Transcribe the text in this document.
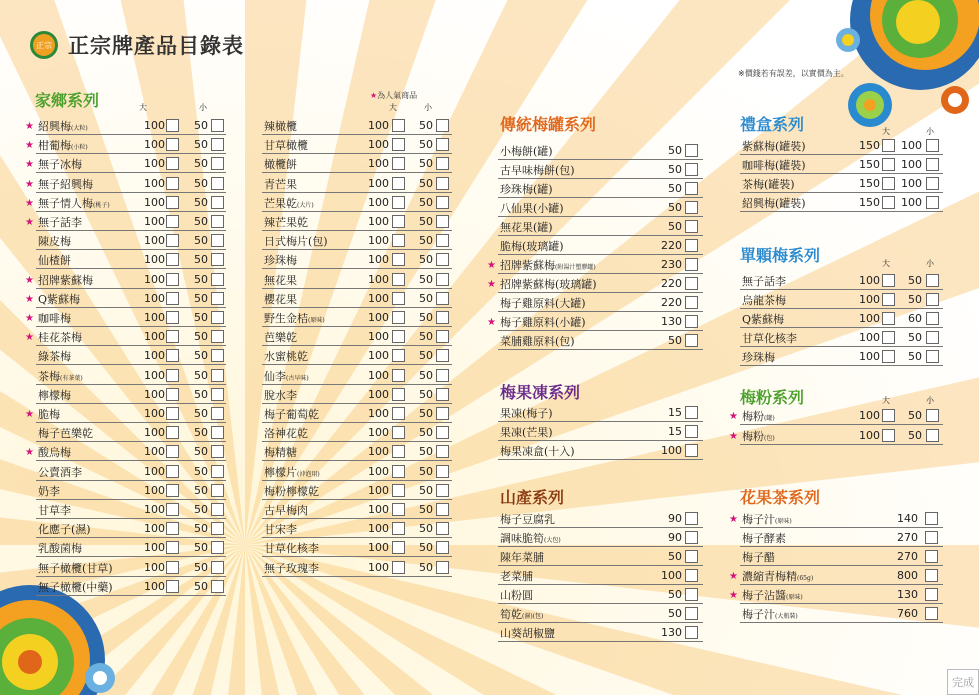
正宗 正宗牌產品目錄表
※價錢若有誤差，以實價為主。
★為人氣商品
家鄉系列	大	小
★ 紹興梅(大粒)	100	50
★ 柑葡梅(小粒)	100	50
★ 無子冰梅	100	50
★ 無子紹興梅	100	50
★ 無子情人梅(桃子)	100	50
★ 無子話李	100	50
陳皮梅	100	50
仙楂餅	100	50
★ 招牌紫蘇梅	100	50
★ Q紫蘇梅	100	50
★ 咖啡梅	100	50
★ 桂花茶梅	100	50
綠茶梅	100	50
茶梅(有茶葉)	100	50
檸檬梅	100	50
★ 脆梅	100	50
梅子芭樂乾	100	50
★ 酸烏梅	100	50
公賣酒李	100	50
奶李	100	50
甘草李	100	50
化應子(濕)	100	50
乳酸菌梅	100	50
無子橄欖(甘草)	100	50
無子橄欖(中藥)	100	50
大	小
辣橄欖	100	50
甘草橄欖	100	50
橄欖餅	100	50
青芒果	100	50
芒果乾(大片)	100	50
辣芒果乾	100	50
日式梅片(包)	100	50
珍珠梅	100	50
無花果	100	50
櫻花果	100	50
野生金桔(原味)	100	50
芭樂乾	100	50
水蜜桃乾	100	50
仙李(古早味)	100	50
脫水李	100	50
梅子葡萄乾	100	50
洛神花乾	100	50
梅精糖	100	50
檸檬片(沖泡用)	100	50
梅粉檸檬乾	100	50
古早梅肉	100	50
甘宋李	100	50
甘草化核李	100	50
無子玫瑰李	100	50
傳統梅罐系列
小梅餅(罐)	50
古早味梅餅(包)	50
珍珠梅(罐)	50
八仙果(小罐)	50
無花果(罐)	50
脆梅(玻璃罐)	220
★ 招牌紫蘇梅(附湯汁塑膠罐)	230
★ 招牌紫蘇梅(玻璃罐)	220
梅子雞原料(大罐)	220
★ 梅子雞原料(小罐)	130
菜脯雞原料(包)	50
梅果凍系列
果凍(梅子)	15
果凍(芒果)	15
梅果凍盒(十入)	100
山產系列
梅子豆腐乳	90
調味脆筍(大包)	90
陳年菜脯	50
老菜脯	100
山粉圓	50
筍乾(濕)(包)	50
山葵胡椒鹽	130
禮盒系列	大	小
紫蘇梅(罐裝)	150	100
咖啡梅(罐裝)	150	100
茶梅(罐裝)	150	100
紹興梅(罐裝)	150	100
單顆梅系列	大	小
無子話李	100	50
烏龍茶梅	100	50
Q紫蘇梅	100	60
甘草化核李	100	50
珍珠梅	100	50
梅粉系列	大	小
★ 梅粉(罐)	100	50
★ 梅粉(包)	100	50
花果茶系列
★ 梅子汁(原味)	140
梅子酵素	270
梅子醋	270
★ 濃縮青梅精(65g)	800
★ 梅子沾醬(原味)	130
梅子汁(大瓶裝)	760
完成
